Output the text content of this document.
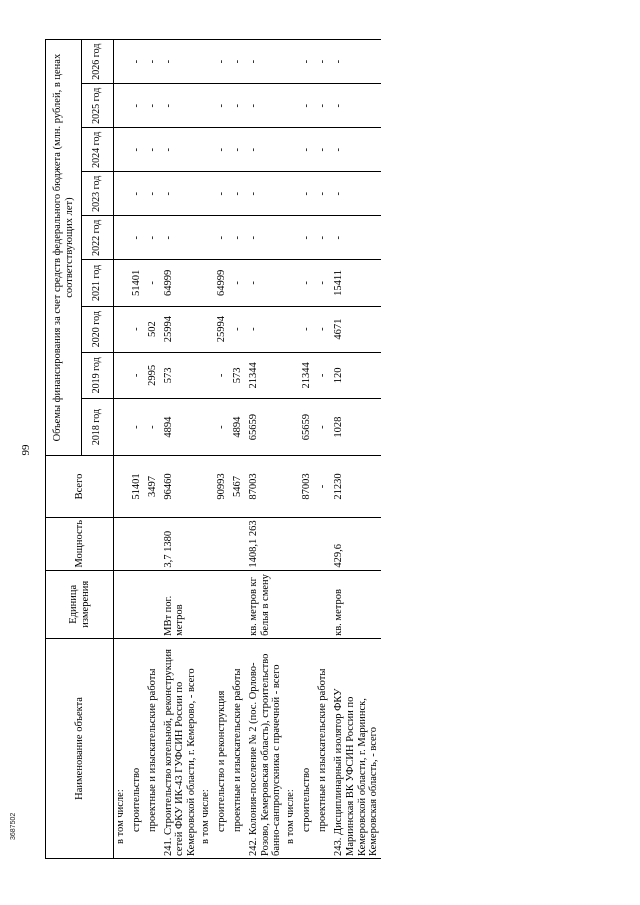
Наименование объекта	Единица измерения	Мощность	Всего	Объемы финансирования за счет средств федерального бюджета (млн. рублей, в ценах соответствующих лет)								
				2018 год	2019 год	2020 год	2021 год	2022 год	2023 год	2024 год	2025 год	2026 год
в том числе:												
строительство			51401	-	-	-	51401	-	-	-	-	-
проектные и изыскательские работы			3497	-	2995	502	-	-	-	-	-	-
241. Строительство котельной, реконструкция сетей ФКУ ИК-43 ГУФСИН России по Кемеровской области, г. Кемерово, - всего	МВт пог. метров	3,7 1380	96460	4894	573	25994	64999	-	-	-	-	-
в том числе:												
строительство и реконструкция			90993	-	-	25994	64999	-	-	-	-	-
проектные и изыскательские работы			5467	4894	573	-	-	-	-	-	-	-
242. Колония-поселение № 2 (пос. Орлово-Розово, Кемеровская область), строительство банно-санпропускника с прачечной - всего	кв. метров кг белья в смену	1408,1 263	87003	65659	21344	-	-	-	-	-	-	-
в том числе:												
строительство			87003	65659	21344	-	-	-	-	-	-	-
проектные и изыскательские работы			-	-	-	-	-	-	-	-	-	-
243. Дисциплинарный изолятор ФКУ Мариинская ВК УФСИН России по Кемеровской области, г. Мариинск, Кемеровская область, - всего	кв. метров	429,6	21230	1028	120	4671	15411	-	-	-	-	-
99
3687502
